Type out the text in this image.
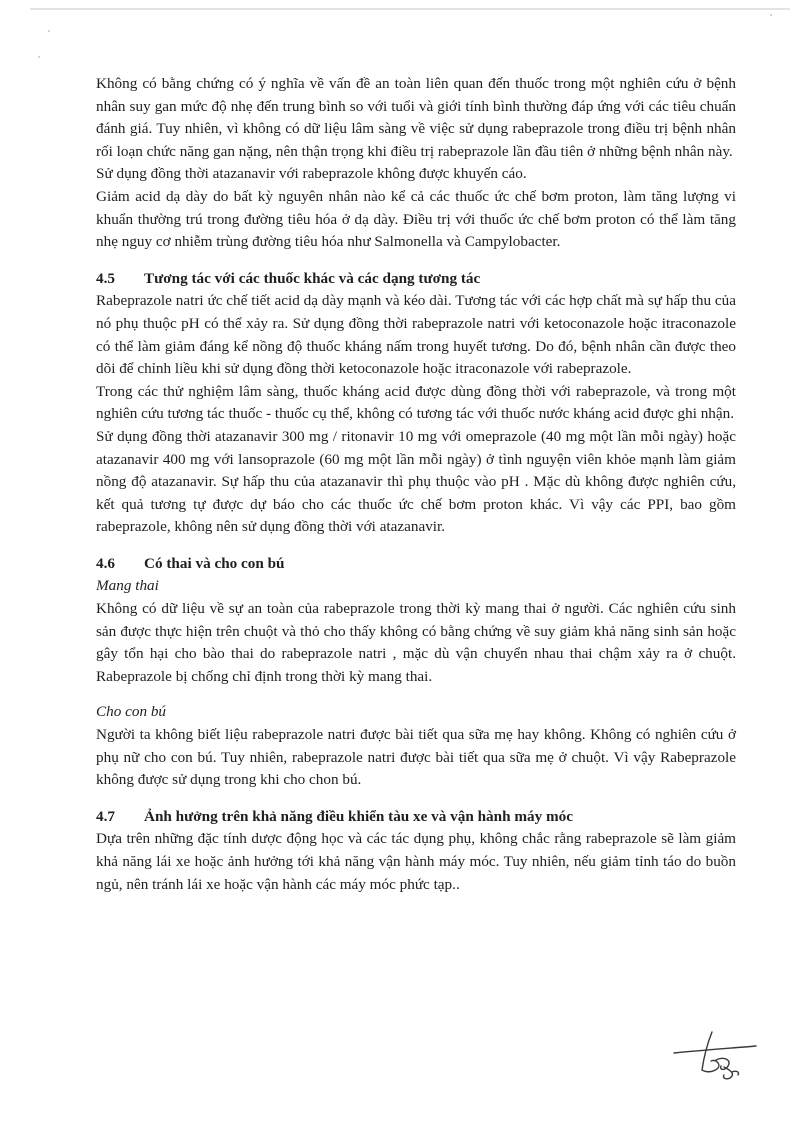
Không có bằng chứng có ý nghĩa về vấn đề an toàn liên quan đến thuốc trong một nghiên cứu ở bệnh nhân suy gan mức độ nhẹ đến trung bình so với tuổi và giới tính bình thường đáp ứng với các tiêu chuẩn đánh giá. Tuy nhiên, vì không có dữ liệu lâm sàng về việc sử dụng rabeprazole trong điều trị bệnh nhân rối loạn chức năng gan nặng, nên thận trọng khi điều trị rabeprazole lần đầu tiên ở những bệnh nhân này.

Sử dụng đồng thời atazanavir với rabeprazole không được khuyến cáo.

Giảm acid dạ dày do bất kỳ nguyên nhân nào kể cả các thuốc ức chế bơm proton, làm tăng lượng vi khuẩn thường trú trong đường tiêu hóa ở dạ dày. Điều trị với thuốc ức chế bơm proton có thể làm tăng nhẹ nguy cơ nhiễm trùng đường tiêu hóa như Salmonella và Campylobacter.

4.5	Tương tác với các thuốc khác và các dạng tương tác

Rabeprazole natri ức chế tiết acid dạ dày mạnh và kéo dài. Tương tác với các hợp chất mà sự hấp thu của nó phụ thuộc pH có thể xảy ra. Sử dụng đồng thời rabeprazole natri với ketoconazole hoặc itraconazole có thể làm giảm đáng kể nồng độ thuốc kháng nấm trong huyết tương. Do đó, bệnh nhân cần được theo dõi để chỉnh liều khi sử dụng đồng thời ketoconazole hoặc itraconazole với rabeprazole.

Trong các thử nghiệm lâm sàng, thuốc kháng acid được dùng đồng thời với rabeprazole, và trong một nghiên cứu tương tác thuốc - thuốc cụ thể, không có tương tác với thuốc nước kháng acid được ghi nhận.

Sử dụng đồng thời atazanavir 300 mg / ritonavir 10 mg với omeprazole (40 mg một lần mỗi ngày) hoặc atazanavir 400 mg với lansoprazole (60 mg một lần mỗi ngày) ở tình nguyện viên khỏe mạnh làm giảm nồng độ atazanavir. Sự hấp thu của atazanavir thì phụ thuộc vào pH . Mặc dù không được nghiên cứu, kết quả tương tự được dự báo cho các thuốc ức chế bơm proton khác. Vì vậy các PPI, bao gồm rabeprazole, không nên sử dụng đồng thời với atazanavir.

4.6	Có thai và cho con bú

Mang thai

Không có dữ liệu về sự an toàn của rabeprazole trong thời kỳ mang thai ở người. Các nghiên cứu sinh sản được thực hiện trên chuột và thỏ cho thấy không có bằng chứng về suy giảm khả năng sinh sản hoặc gây tổn hại cho bào thai do rabeprazole natri , mặc dù vận chuyển nhau thai chậm xảy ra ở chuột. Rabeprazole bị chống chỉ định trong thời kỳ mang thai.

Cho con bú

Người ta không biết liệu rabeprazole natri được bài tiết qua sữa mẹ hay không. Không có nghiên cứu ở phụ nữ cho con bú. Tuy nhiên, rabeprazole natri được bài tiết qua sữa mẹ ở chuột. Vì vậy Rabeprazole không được sử dụng trong khi cho chon bú.

4.7	Ảnh hưởng trên khả năng điều khiển tàu xe và vận hành máy móc

Dựa trên những đặc tính dược động học và các tác dụng phụ, không chắc rằng rabeprazole sẽ làm giảm khả năng lái xe hoặc ảnh hưởng tới khả năng vận hành máy móc. Tuy nhiên, nếu giảm tỉnh táo do buồn ngủ, nên tránh lái xe hoặc vận hành các máy móc phức tạp..
